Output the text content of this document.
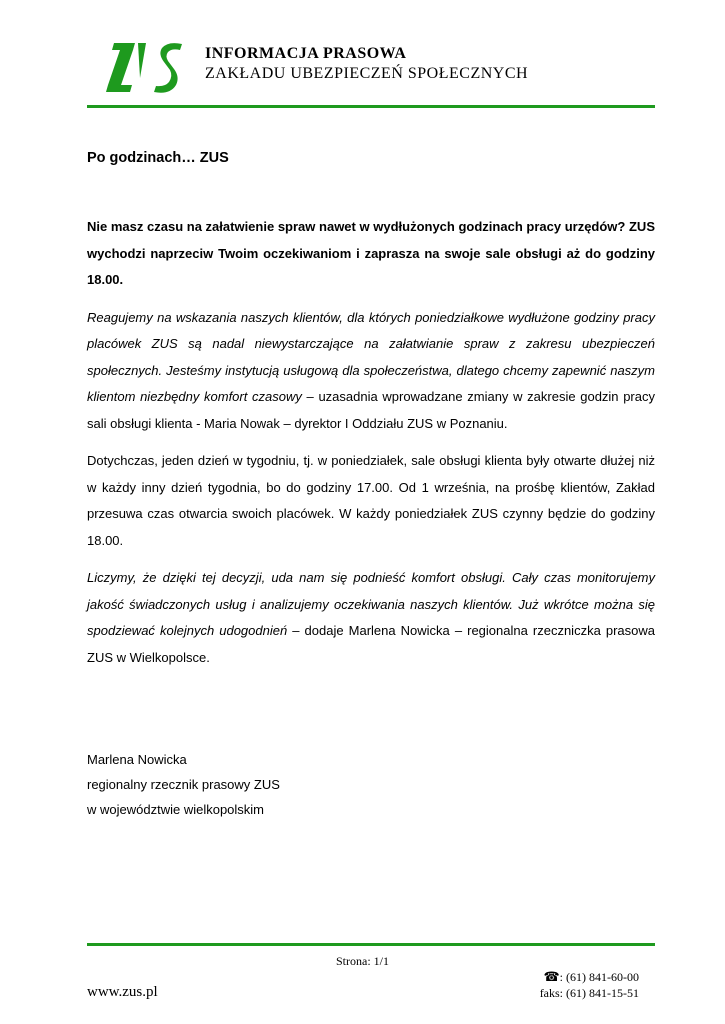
INFORMACJA PRASOWA
ZAKŁADU UBEZPIECZEŃ SPOŁECZNYCH
Po godzinach… ZUS

Nie masz czasu na załatwienie spraw nawet w wydłużonych godzinach pracy urzędów? ZUS wychodzi naprzeciw Twoim oczekiwaniom i zaprasza na swoje sale obsługi aż do godziny 18.00.

Reagujemy na wskazania naszych klientów, dla których poniedziałkowe wydłużone godziny pracy placówek ZUS są nadal niewystarczające na załatwianie spraw z zakresu ubezpieczeń społecznych. Jesteśmy instytucją usługową dla społeczeństwa, dlatego chcemy zapewnić naszym klientom niezbędny komfort czasowy – uzasadnia wprowadzane zmiany w zakresie godzin pracy sali obsługi klienta - Maria Nowak – dyrektor I Oddziału ZUS w Poznaniu.

Dotychczas, jeden dzień w tygodniu, tj. w poniedziałek, sale obsługi klienta były otwarte dłużej niż w każdy inny dzień tygodnia, bo do godziny 17.00. Od 1 września, na prośbę klientów, Zakład przesuwa czas otwarcia swoich placówek. W każdy poniedziałek ZUS czynny będzie do godziny 18.00.

Liczymy, że dzięki tej decyzji, uda nam się podnieść komfort obsługi. Cały czas monitorujemy jakość świadczonych usług i analizujemy oczekiwania naszych klientów. Już wkrótce można się spodziewać kolejnych udogodnień – dodaje Marlena Nowicka – regionalna rzeczniczka prasowa ZUS w Wielkopolsce.

Marlena Nowicka
regionalny rzecznik prasowy ZUS
w województwie wielkopolskim
Strona: 1/1
www.zus.pl
☎: (61) 841-60-00
faks: (61) 841-15-51
